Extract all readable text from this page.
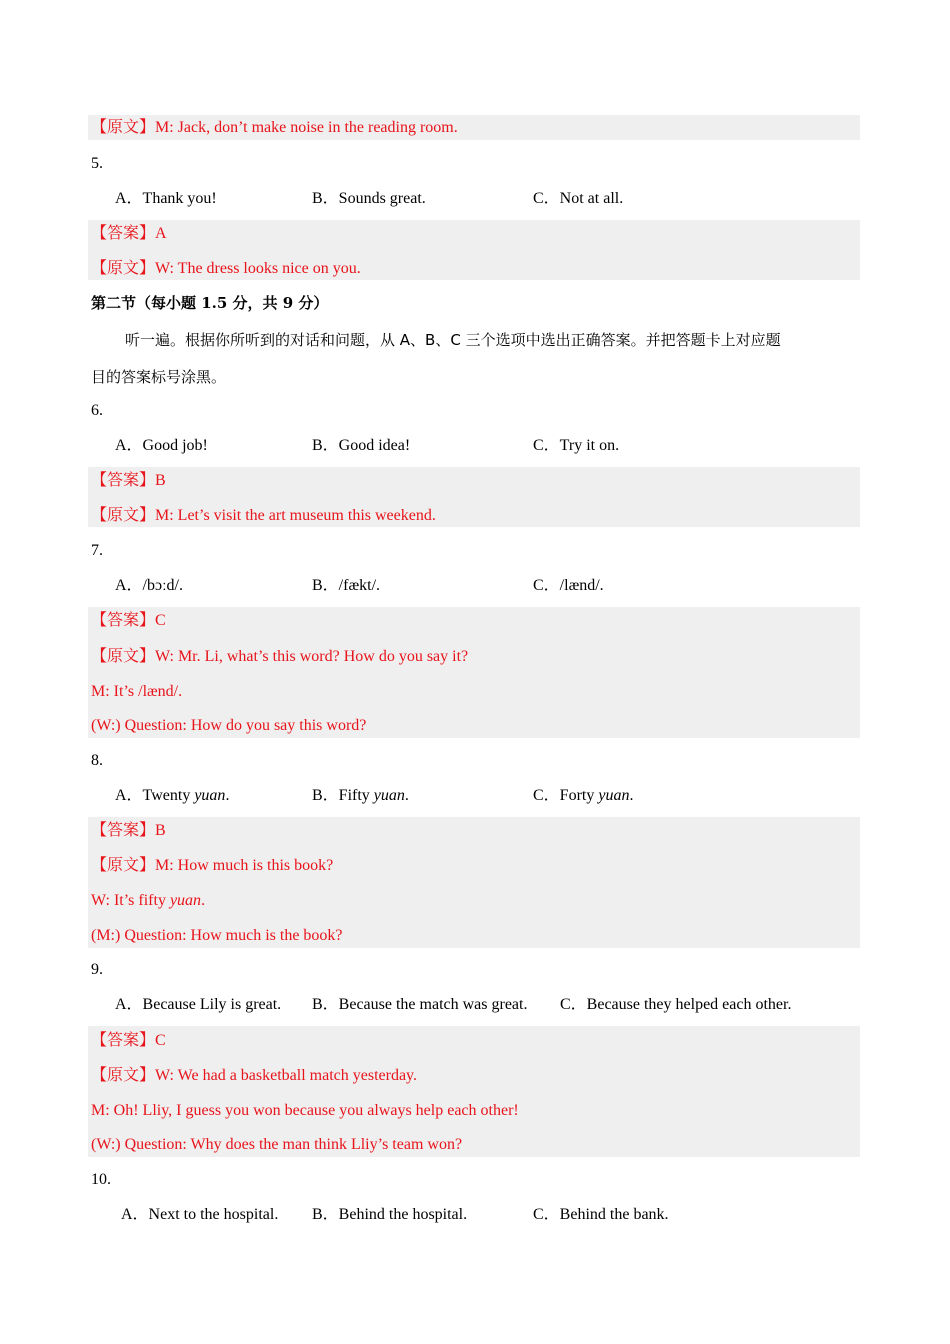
【原文】M: Jack, don’t make noise in the reading room.
5.
A．Thank you!	B．Sounds great.	C．Not at all.
【答案】A
【原文】W: The dress looks nice on you.
第二节（每小题 1.5 分，共 9 分）
听一遍。根据你所听到的对话和问题，从 A、B、C 三个选项中选出正确答案。并把答题卡上对应题
目的答案标号涂黑。
6.
A．Good job!	B．Good idea!	C．Try it on.
【答案】B
【原文】M: Let’s visit the art museum this weekend.
7.
A．/bɔːd/.	B．/fækt/.	C．/lænd/.
【答案】C
【原文】W: Mr. Li, what’s this word? How do you say it?
M: It’s /lænd/.
(W:) Question: How do you say this word?
8.
A．Twenty yuan.	B．Fifty yuan.	C．Forty yuan.
【答案】B
【原文】M: How much is this book?
W: It’s fifty yuan.
(M:) Question: How much is the book?
9.
A．Because Lily is great. B．Because the match was great. C．Because they helped each other.
【答案】C
【原文】W: We had a basketball match yesterday.
M: Oh! Lliy, I guess you won because you always help each other!
(W:) Question: Why does the man think Lliy’s team won?
10.
A．Next to the hospital. B．Behind the hospital.	C．Behind the bank.
